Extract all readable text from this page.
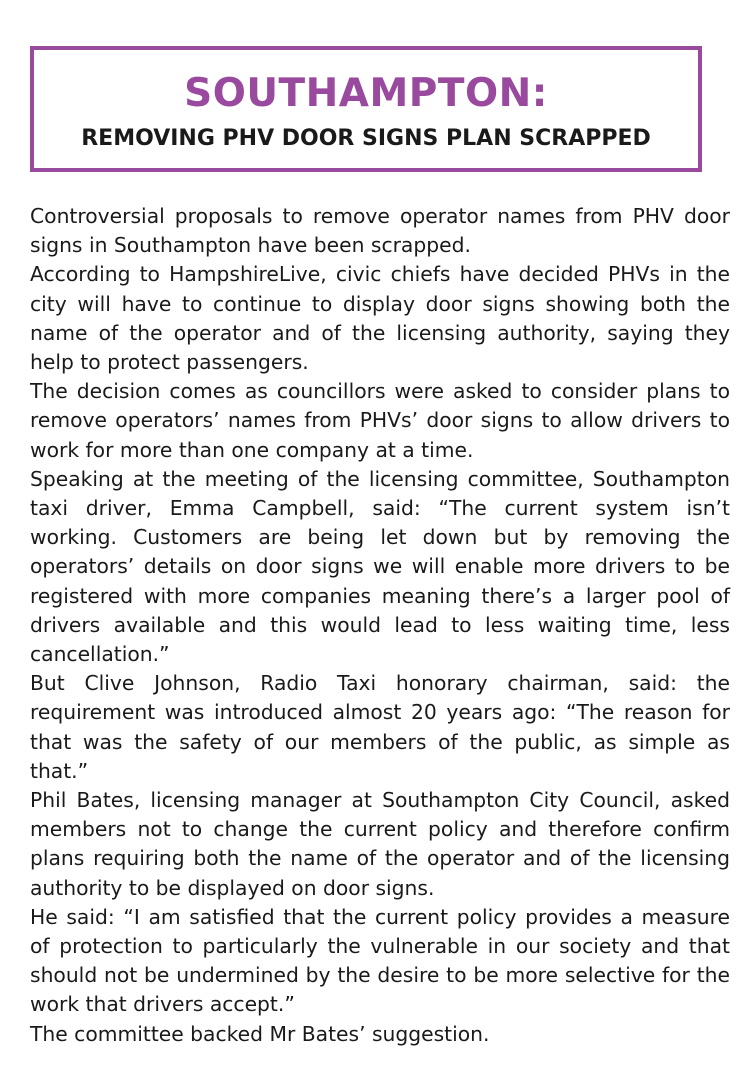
SOUTHAMPTON:
REMOVING PHV DOOR SIGNS PLAN SCRAPPED

Controversial proposals to remove operator names from PHV door signs in Southampton have been scrapped.

According to HampshireLive, civic chiefs have decided PHVs in the city will have to continue to display door signs showing both the name of the operator and of the licensing authority, saying they help to protect passengers.

The decision comes as councillors were asked to consider plans to remove operators’ names from PHVs’ door signs to allow drivers to work for more than one company at a time.

Speaking at the meeting of the licensing committee, Southampton taxi driver, Emma Campbell, said: “The current system isn’t working. Customers are being let down but by removing the operators’ details on door signs we will enable more drivers to be registered with more companies meaning there’s a larger pool of drivers available and this would lead to less waiting time, less cancellation.”

But Clive Johnson, Radio Taxi honorary chairman, said: the requirement was introduced almost 20 years ago: “The reason for that was the safety of our members of the public, as simple as that.”

Phil Bates, licensing manager at Southampton City Council, asked members not to change the current policy and therefore confirm plans requiring both the name of the operator and of the licensing authority to be displayed on door signs.

He said: “I am satisfied that the current policy provides a measure of protection to particularly the vulnerable in our society and that should not be undermined by the desire to be more selective for the work that drivers accept.”

The committee backed Mr Bates’ suggestion.
